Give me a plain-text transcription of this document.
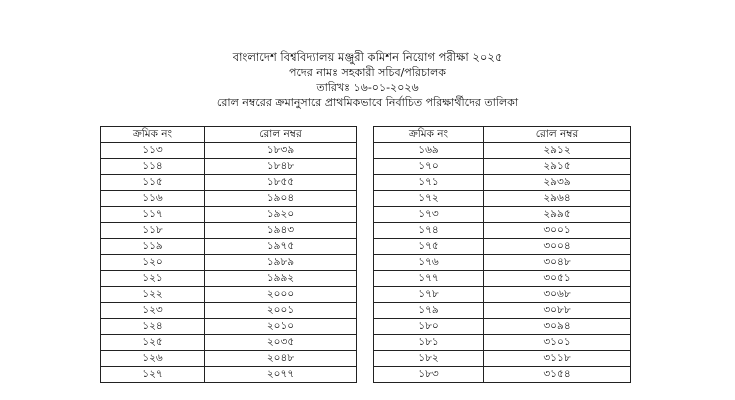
বাংলাদেশ বিশ্ববিদ্যালয় মঞ্জুরী কমিশন নিয়োগ পরীক্ষা ২০২৫
পদের নামঃ সহকারী সচিব/পরিচালক
তারিখঃ ১৬-০১-২০২৬
রোল নম্বরের ক্রমানুসারে প্রাথমিকভাবে নির্বাচিত পরিক্ষার্থীদের তালিকা
ক্রমিক নং	রোল নম্বর
১১৩	১৮৩৯
১১৪	১৮৪৮
১১৫	১৮৫৫
১১৬	১৯০৪
১১৭	১৯২০
১১৮	১৯৪৩
১১৯	১৯৭৫
১২০	১৯৮৯
১২১	১৯৯২
১২২	২০০০
১২৩	২০০১
১২৪	২০১০
১২৫	২০৩৫
১২৬	২০৪৮
১২৭	২০৭৭
ক্রমিক নং	রোল নম্বর
১৬৯	২৯১২
১৭০	২৯১৫
১৭১	২৯৩৯
১৭২	২৯৬৪
১৭৩	২৯৯৫
১৭৪	৩০০১
১৭৫	৩০০৪
১৭৬	৩০৪৮
১৭৭	৩০৫১
১৭৮	৩০৬৮
১৭৯	৩০৮৮
১৮০	৩০৯৪
১৮১	৩১০১
১৮২	৩১১৮
১৮৩	৩১৫৪
